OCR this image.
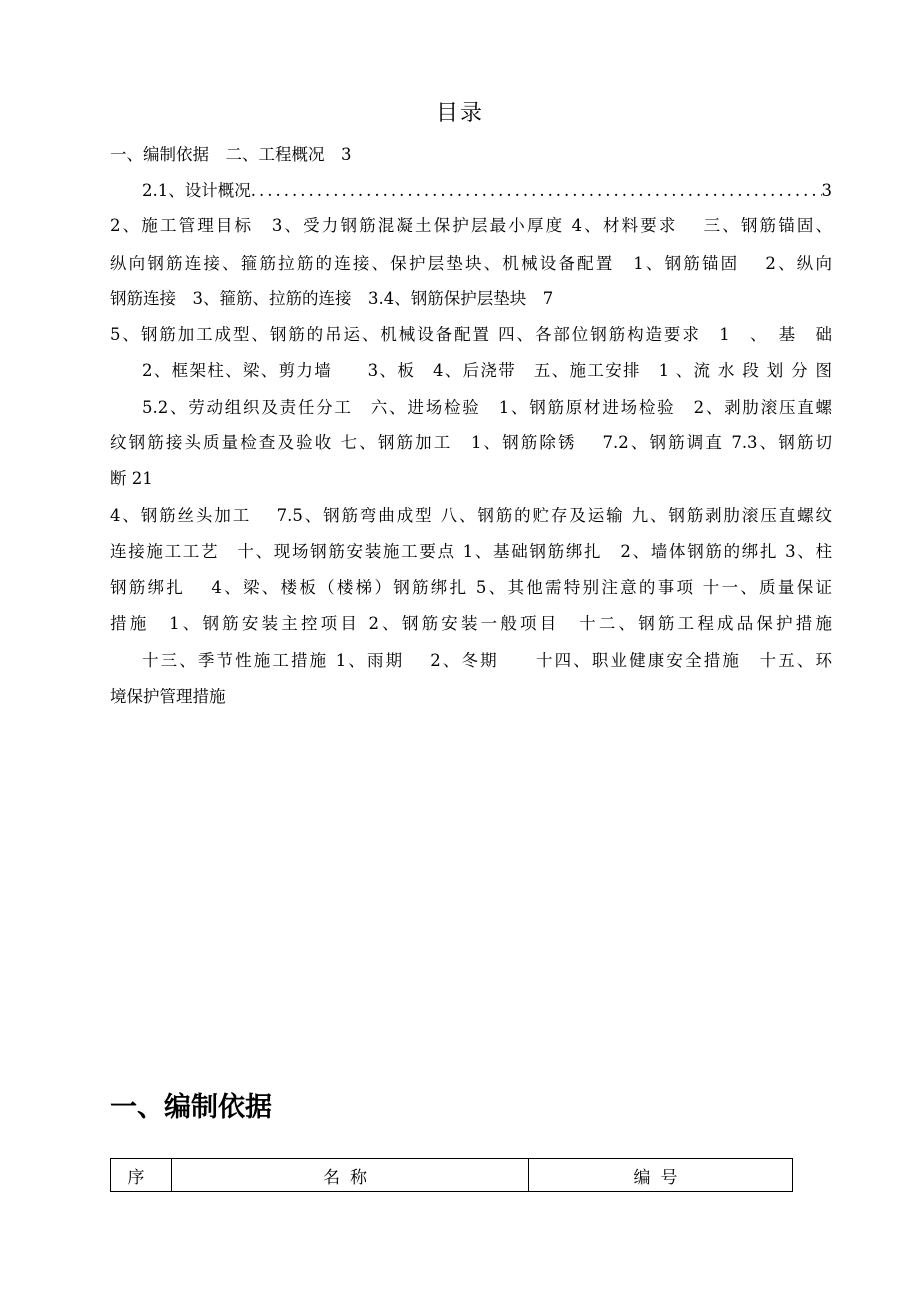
目录
一、编制依据　二、工程概况　3
2.1、设计概况
.....	3
2、施工管理目标　3、受力钢筋混凝土保护层最小厚度 4、材料要求　 三、钢筋锚固、
纵向钢筋连接、箍筋拉筋的连接、保护层垫块、机械设备配置　1、钢筋锚固　 2、纵向
钢筋连接　3、箍筋、拉筋的连接　3.4、钢筋保护层垫块　7
5、钢筋加工成型、钢筋的吊运、机械设备配置 四、各部位钢筋构造要求　1　、　基　础
2、框架柱、梁、剪力墙　　3、板　4、后浇带　五、施工安排　1 、流 水 段 划 分 图
5.2、劳动组织及责任分工　六、进场检验　1、钢筋原材进场检验　2、剥肋滚压直螺
纹钢筋接头质量检查及验收 七、钢筋加工　1、钢筋除锈　 7.2、钢筋调直 7.3、钢筋切
断 21
4、钢筋丝头加工　 7.5、钢筋弯曲成型 八、钢筋的贮存及运输 九、钢筋剥肋滚压直螺纹
连接施工工艺　十、现场钢筋安装施工要点 1、基础钢筋绑扎　2、墙体钢筋的绑扎 3、柱
钢筋绑扎　 4、梁、楼板（楼梯）钢筋绑扎 5、其他需特别注意的事项 十一、质量保证
措施　1、钢筋安装主控项目 2、钢筋安装一般项目　十二、钢筋工程成品保护措施
十三、季节性施工措施 1、雨期　 2、冬期　　十四、职业健康安全措施　十五、环
境保护管理措施
一、编制依据
序	名称	编号
